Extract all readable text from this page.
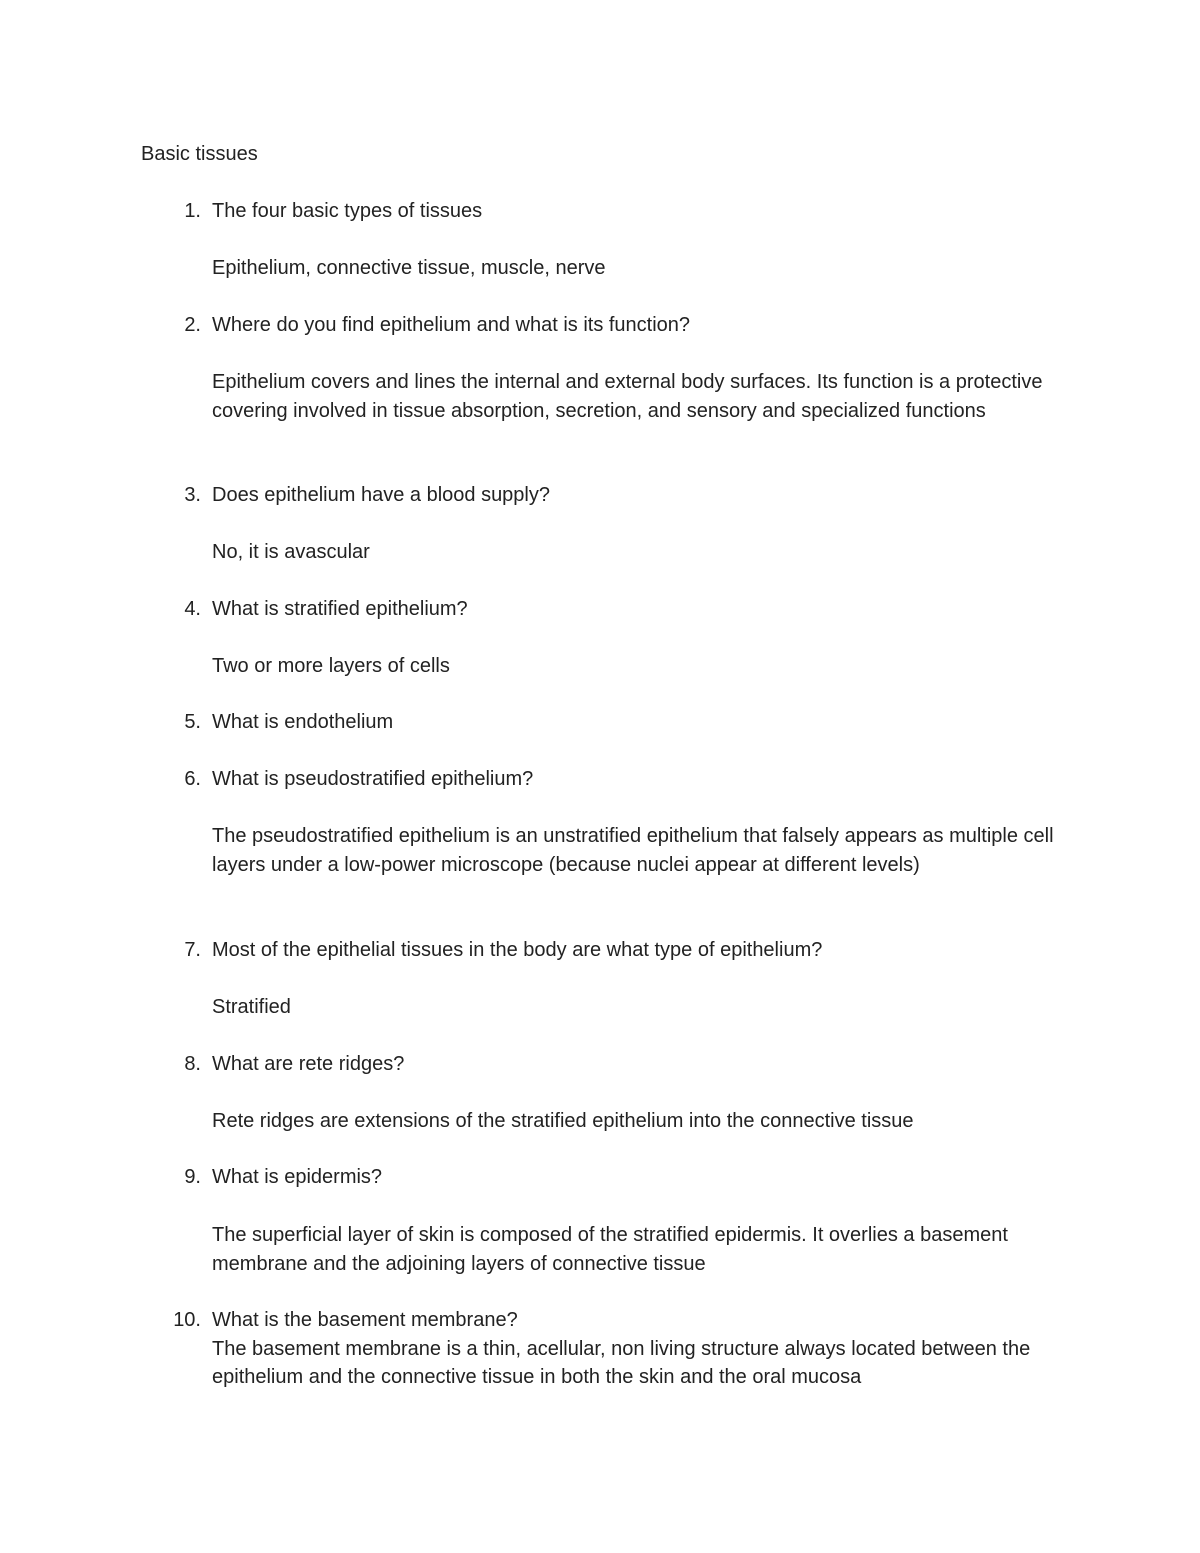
Basic tissues
1. The four basic types of tissues
Epithelium, connective tissue, muscle, nerve
2. Where do you find epithelium and what is its function?
Epithelium covers and lines the internal and external body surfaces. Its function is a protective covering involved in tissue absorption, secretion, and sensory and specialized functions
3. Does epithelium have a blood supply?
No, it is avascular
4. What is stratified epithelium?
Two or more layers of cells
5. What is endothelium
6. What is pseudostratified epithelium?
The pseudostratified epithelium is an unstratified epithelium that falsely appears as multiple cell layers under a low-power microscope (because nuclei appear at different levels)
7. Most of the epithelial tissues in the body are what type of epithelium?
Stratified
8. What are rete ridges?
Rete ridges are extensions of the stratified epithelium into the connective tissue
9. What is epidermis?
The superficial layer of skin is composed of the stratified epidermis. It overlies a basement membrane and the adjoining layers of connective tissue
10. What is the basement membrane?
The basement membrane is a thin, acellular, non living structure always located between the epithelium and the connective tissue in both the skin and the oral mucosa
